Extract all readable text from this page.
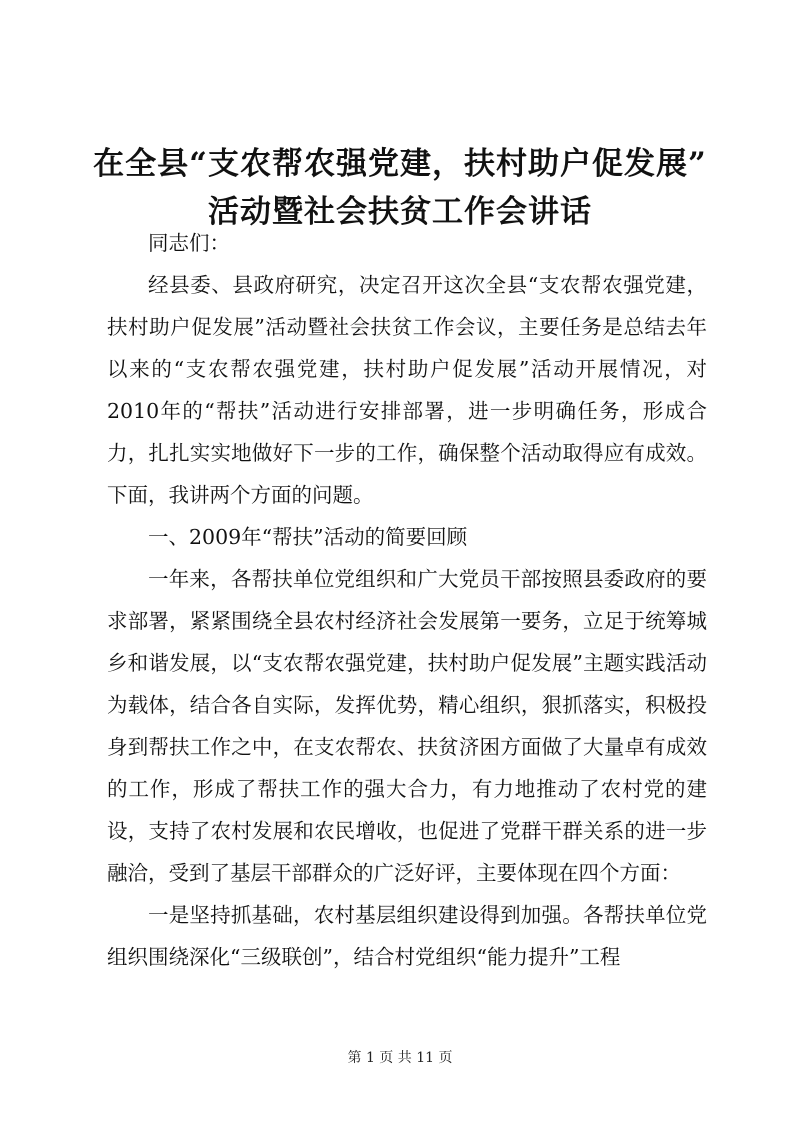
在全县“支农帮农强党建，扶村助户促发展”
活动暨社会扶贫工作会讲话

同志们：

经县委、县政府研究，决定召开这次全县“支农帮农强党建，扶村助户促发展”活动暨社会扶贫工作会议，主要任务是总结去年以来的“支农帮农强党建，扶村助户促发展”活动开展情况，对2010年的“帮扶”活动进行安排部署，进一步明确任务，形成合力，扎扎实实地做好下一步的工作，确保整个活动取得应有成效。下面，我讲两个方面的问题。

一、2009年“帮扶”活动的简要回顾

一年来，各帮扶单位党组织和广大党员干部按照县委政府的要求部署，紧紧围绕全县农村经济社会发展第一要务，立足于统筹城乡和谐发展，以“支农帮农强党建，扶村助户促发展”主题实践活动为载体，结合各自实际，发挥优势，精心组织，狠抓落实，积极投身到帮扶工作之中，在支农帮农、扶贫济困方面做了大量卓有成效的工作，形成了帮扶工作的强大合力，有力地推动了农村党的建设，支持了农村发展和农民增收，也促进了党群干群关系的进一步融洽，受到了基层干部群众的广泛好评，主要体现在四个方面：

一是坚持抓基础，农村基层组织建设得到加强。各帮扶单位党组织围绕深化“三级联创”，结合村党组织“能力提升”工程

第 1 页 共 11 页
